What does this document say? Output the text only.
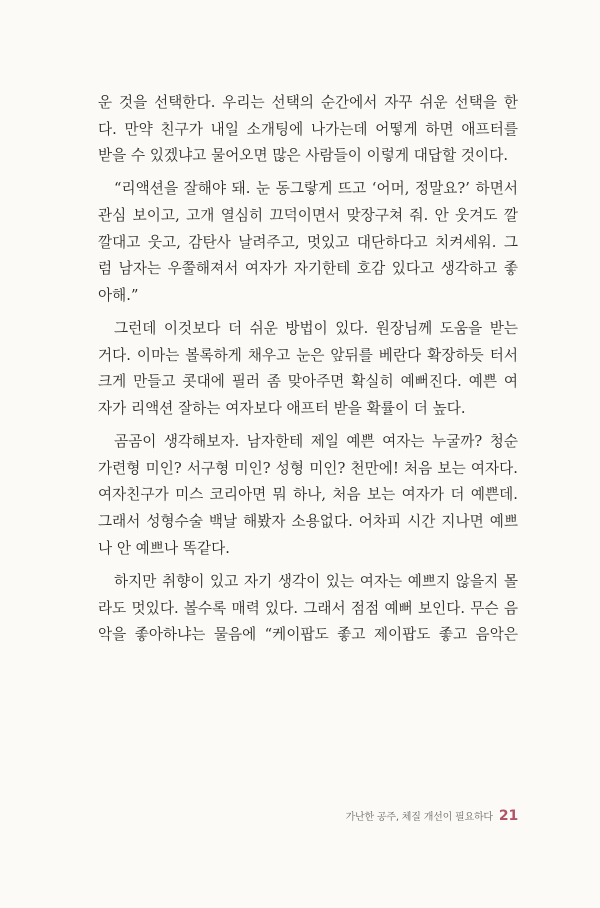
운 것을 선택한다. 우리는 선택의 순간에서 자꾸 쉬운 선택을 한
다. 만약 친구가 내일 소개팅에 나가는데 어떻게 하면 애프터를
받을 수 있겠냐고 물어오면 많은 사람들이 이렇게 대답할 것이다.
“리액션을 잘해야 돼. 눈 동그랗게 뜨고 ‘어머, 정말요?’ 하면서
관심 보이고, 고개 열심히 끄덕이면서 맞장구쳐 줘. 안 웃겨도 깔
깔대고 웃고, 감탄사 날려주고, 멋있고 대단하다고 치켜세워. 그
럼 남자는 우쭐해져서 여자가 자기한테 호감 있다고 생각하고 좋
아해.”
그런데 이것보다 더 쉬운 방법이 있다. 원장님께 도움을 받는
거다. 이마는 볼록하게 채우고 눈은 앞뒤를 베란다 확장하듯 터서
크게 만들고 콧대에 필러 좀 맞아주면 확실히 예뻐진다. 예쁜 여
자가 리액션 잘하는 여자보다 애프터 받을 확률이 더 높다.
곰곰이 생각해보자. 남자한테 제일 예쁜 여자는 누굴까? 청순
가련형 미인? 서구형 미인? 성형 미인? 천만에! 처음 보는 여자다.
여자친구가 미스 코리아면 뭐 하나, 처음 보는 여자가 더 예쁜데.
그래서 성형수술 백날 해봤자 소용없다. 어차피 시간 지나면 예쁘
나 안 예쁘나 똑같다.
하지만 취향이 있고 자기 생각이 있는 여자는 예쁘지 않을지 몰
라도 멋있다. 볼수록 매력 있다. 그래서 점점 예뻐 보인다. 무슨 음
악을 좋아하냐는 물음에 “케이팝도 좋고 제이팝도 좋고 음악은
가난한 공주, 체질 개선이 필요하다 21
